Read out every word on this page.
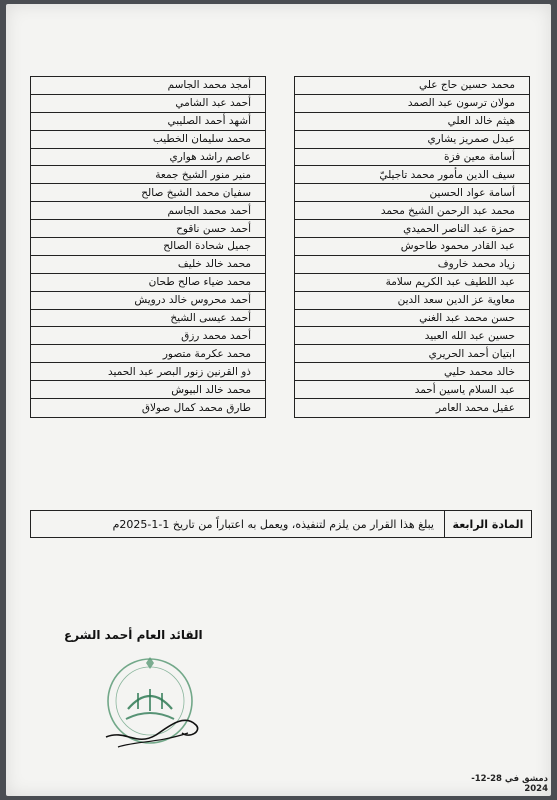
محمد حسين حاج علي
مولان ترسون عبد الصمد
هيثم خالد العلي
عبدل صمريز يشاري
أسامة معين فزة
سيف الدين مأمور محمد تاجيليّ
أسامة عواد الحسين
محمد عبد الرحمن الشيخ محمد
حمزة عبد الناصر الحميدي
عبد القادر محمود طاحوش
زياد محمد خاروف
عبد اللطيف عبد الكريم سلامة
معاوية عز الدين سعد الدين
حسن محمد عبد الغني
حسين عبد الله العبيد
ابتيان أحمد الحريري
خالد محمد حليي
عبد السلام ياسين أحمد
عقيل محمد العامر
أمجد محمد الجاسم
أحمد عبد الشامي
أشهد أحمد الصليبي
محمد سليمان الخطيب
عاصم راشد هواري
منير منور الشيخ جمعة
سفيان محمد الشيخ صالح
أحمد محمد الجاسم
أحمد حسن ناقوح
جميل شحادة الصالح
محمد خالد خليف
محمد ضياء صالح طحان
أحمد محروس خالد درويش
أحمد عيسى الشيخ
أحمد محمد رزق
محمد عكرمة متصور
ذو القرنين زنور البصر عبد الحميد
محمد خالد البيوش
طارق محمد كمال صولاق
المادة الرابعة
يبلغ هذا القرار من يلزم لتنفيذه، ويعمل به اعتباراً من تاريخ 1-1-2025م
القائد العام أحمد الشرع
دمشق في 28-12-2024
